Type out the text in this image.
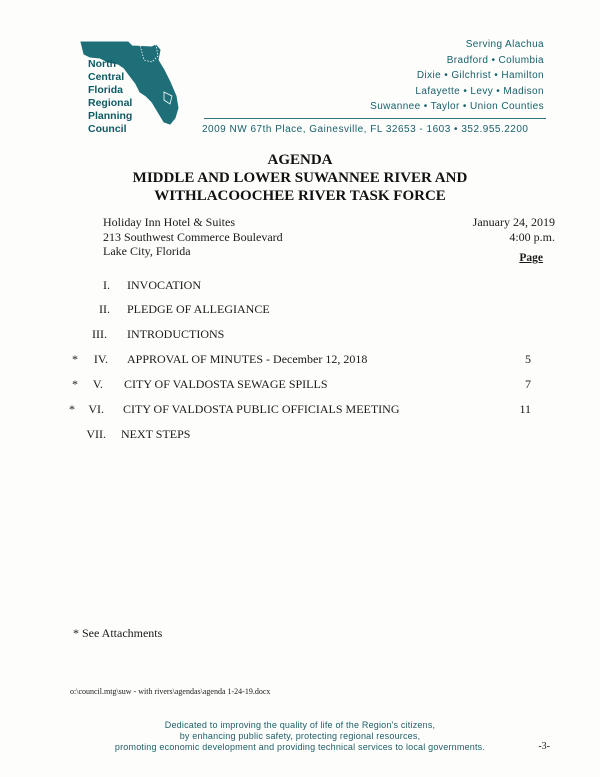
North
Central
Florida
Regional
Planning
Council
Serving Alachua
Bradford • Columbia
Dixie • Gilchrist • Hamilton
Lafayette • Levy • Madison
Suwannee • Taylor • Union Counties
2009 NW 67th Place, Gainesville, FL 32653 - 1603 • 352.955.2200
AGENDA
MIDDLE AND LOWER SUWANNEE RIVER AND
WITHLACOOCHEE RIVER TASK FORCE
Holiday Inn Hotel & Suites
213 Southwest Commerce Boulevard
Lake City, Florida
January 24, 2019
4:00 p.m.
Page
I. INVOCATION
II. PLEDGE OF ALLEGIANCE
III. INTRODUCTIONS
*	IV. APPROVAL OF MINUTES - December 12, 2018	5
*	V. CITY OF VALDOSTA SEWAGE SPILLS	7
*	VI. CITY OF VALDOSTA PUBLIC OFFICIALS MEETING	11
VII. NEXT STEPS
* See Attachments
o:\council.mtg\suw - with rivers\agendas\agenda 1-24-19.docx
Dedicated to improving the quality of life of the Region's citizens,
by enhancing public safety, protecting regional resources,
promoting economic development and providing technical services to local governments.	-3-
